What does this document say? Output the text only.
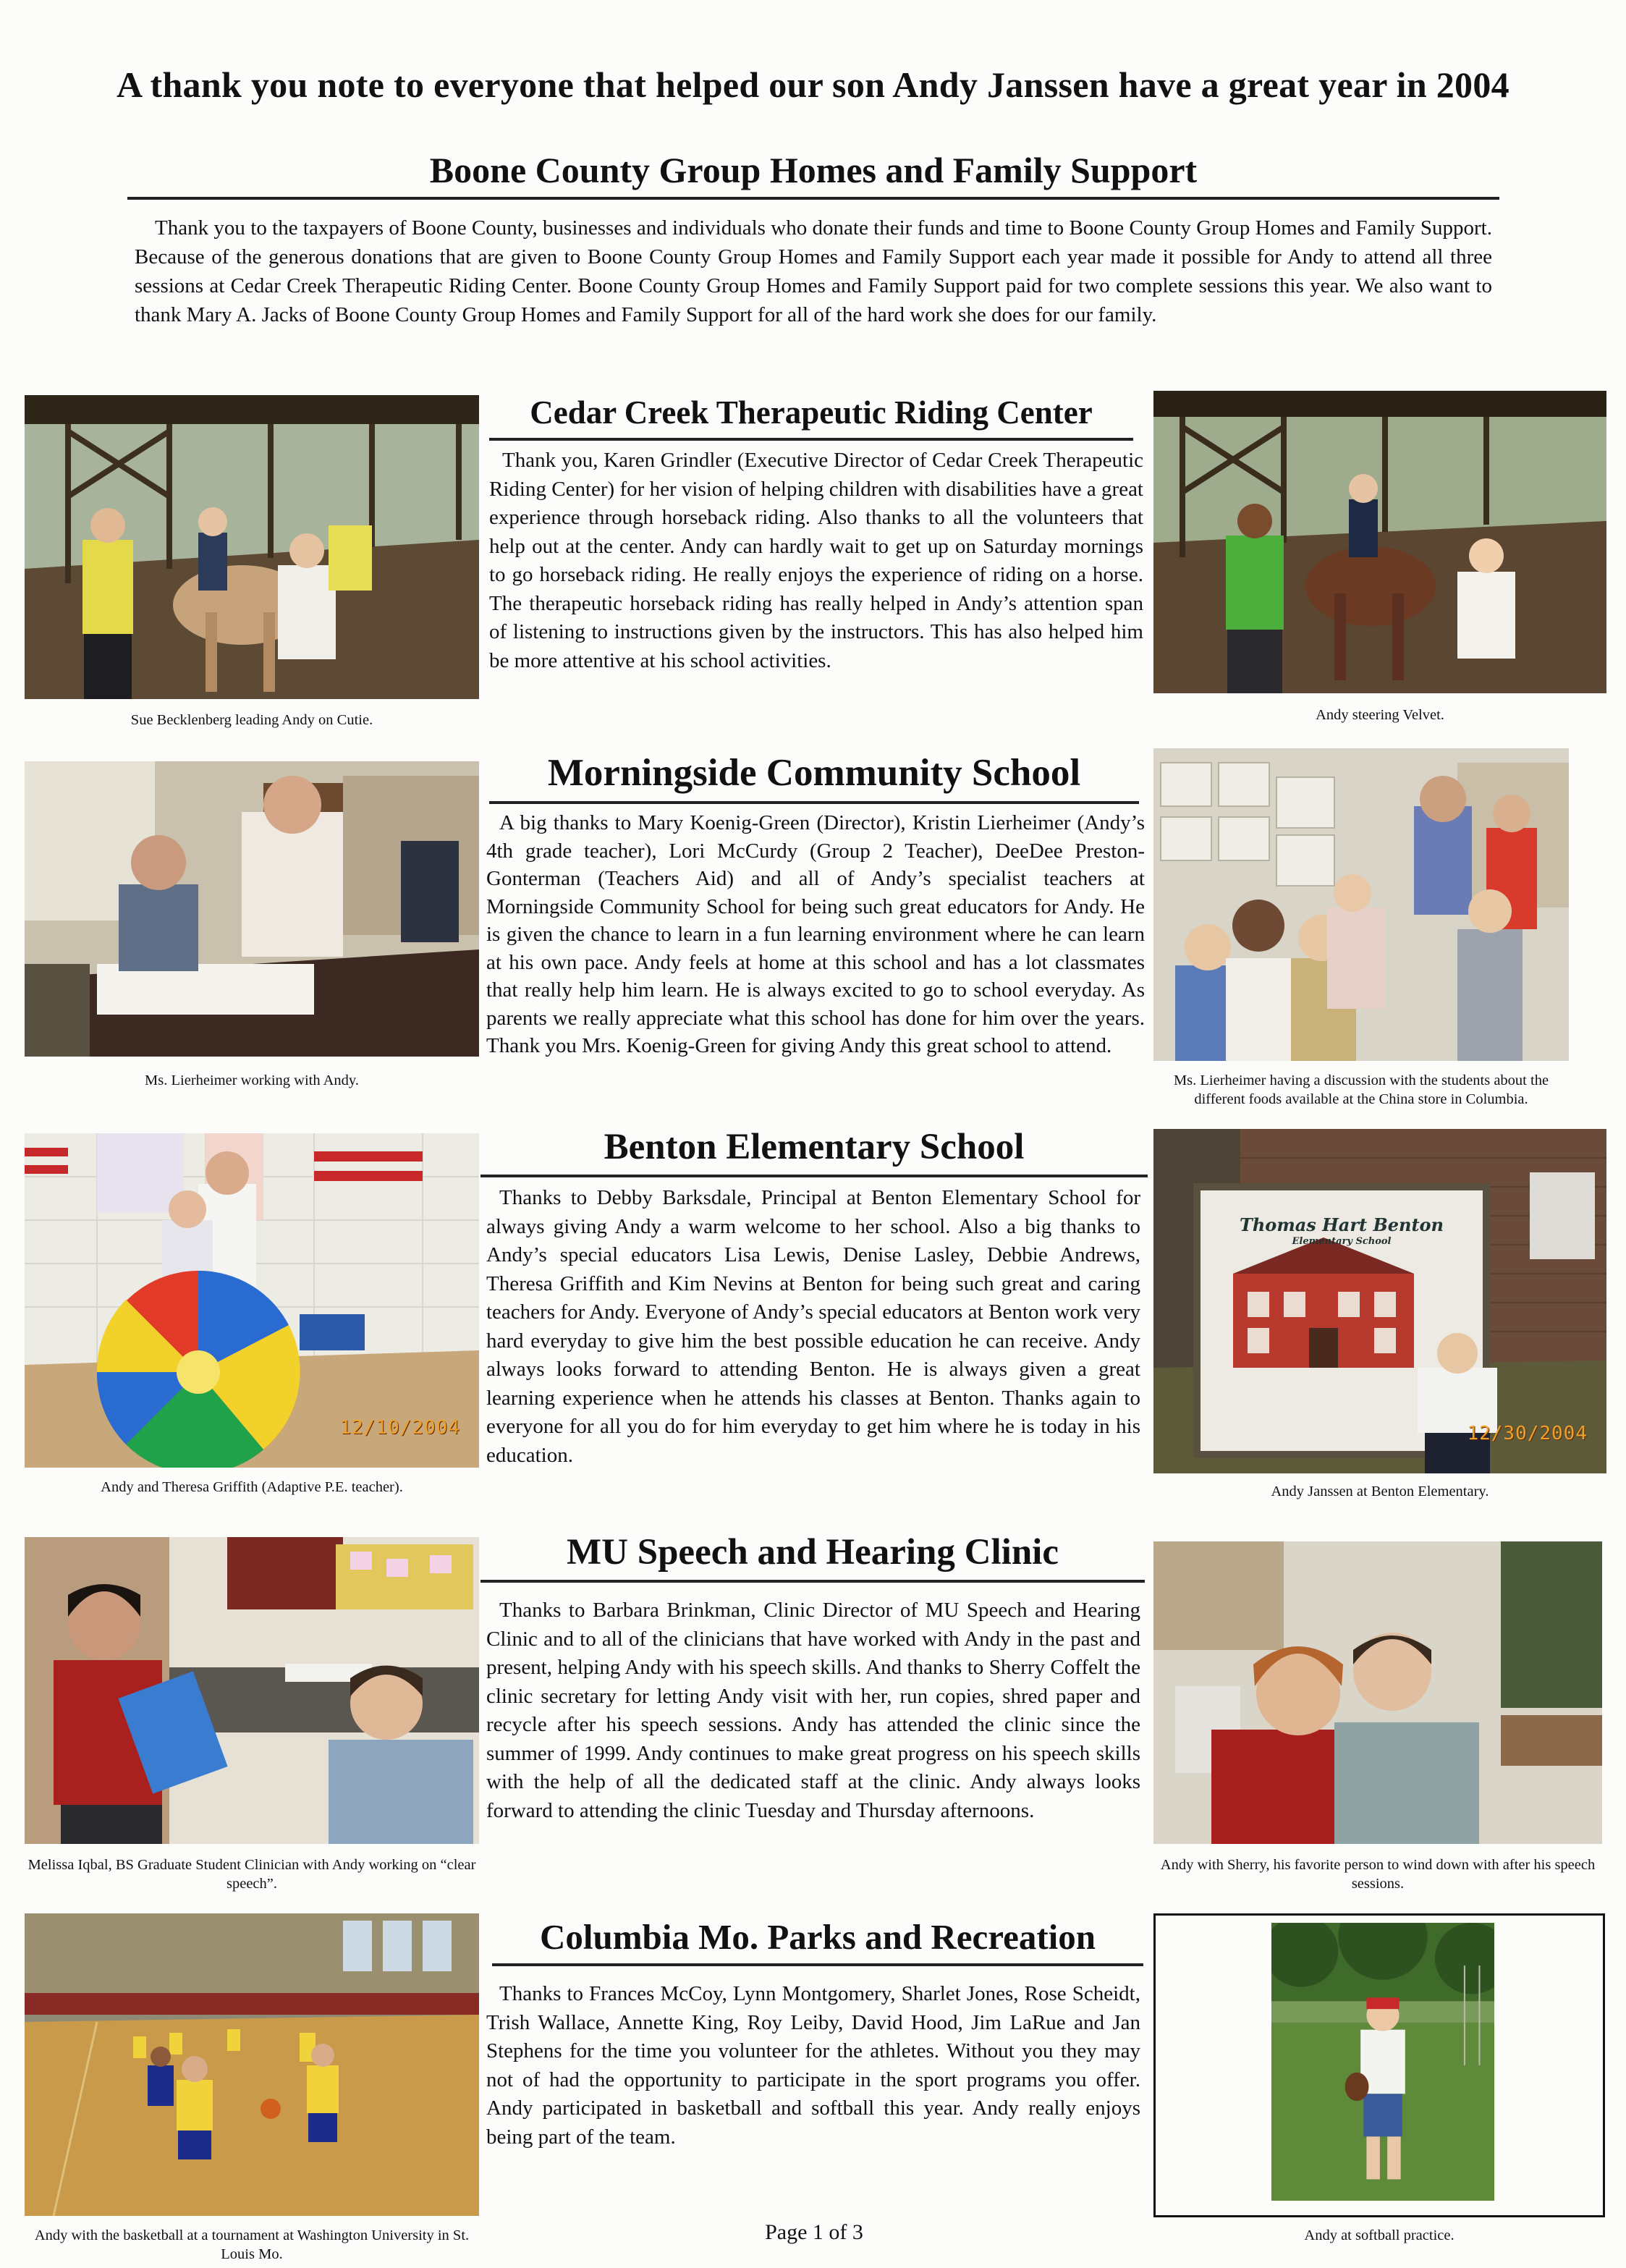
A thank you note to everyone that helped our son Andy Janssen have a great year in 2004
Boone County Group Homes and Family Support

Thank you to the taxpayers of Boone County, businesses and individuals who donate their funds and time to Boone County Group Homes and Family Support. Because of the generous donations that are given to Boone County Group Homes and Family Support each year made it possible for Andy to attend all three sessions at Cedar Creek Therapeutic Riding Center. Boone County Group Homes and Family Support paid for two complete sessions this year. We also want to thank Mary A. Jacks of Boone County Group Homes and Family Support for all of the hard work she does for our family.

Sue Becklenberg leading Andy on Cutie.

Cedar Creek Therapeutic Riding Center

Thank you, Karen Grindler (Executive Director of Cedar Creek Therapeutic Riding Center) for her vision of helping children with disabilities have a great experience through horseback riding. Also thanks to all the volunteers that help out at the center. Andy can hardly wait to get up on Saturday mornings to go horseback riding. He really enjoys the experience of riding on a horse. The therapeutic horseback riding has really helped in Andy’s attention span of listening to instructions given by the instructors. This has also helped him be more attentive at his school activities.

Andy steering Velvet.

Ms. Lierheimer working with Andy.

Morningside Community School

A big thanks to Mary Koenig-Green (Director), Kristin Lierheimer (Andy’s 4th grade teacher), Lori McCurdy (Group 2 Teacher), DeeDee Preston-Gonterman (Teachers Aid) and all of Andy’s specialist teachers at Morningside Community School for being such great educators for Andy. He is given the chance to learn in a fun learning environment where he can learn at his own pace. Andy feels at home at this school and has a lot classmates that really help him learn. He is always excited to go to school everyday. As parents we really appreciate what this school has done for him over the years. Thank you Mrs. Koenig-Green for giving Andy this great school to attend.

Ms. Lierheimer having a discussion with the students about the different foods available at the China store in Columbia.

12/10/2004

Andy and Theresa Griffith (Adaptive P.E. teacher).

Benton Elementary School

Thanks to Debby Barksdale, Principal at Benton Elementary School for always giving Andy a warm welcome to her school. Also a big thanks to Andy’s special educators Lisa Lewis, Denise Lasley, Debbie Andrews, Theresa Griffith and Kim Nevins at Benton for being such great and caring teachers for Andy. Everyone of Andy’s special educators at Benton work very hard everyday to give him the best possible education he can receive. Andy always looks forward to attending Benton. He is always given a great learning experience when he attends his classes at Benton. Thanks again to everyone for all you do for him everyday to get him where he is today in his education.

Thomas Hart Benton
Elementary School
12/30/2004

Andy Janssen at Benton Elementary.

Melissa Iqbal, BS Graduate Student Clinician with Andy working on “clear speech”.

MU Speech and Hearing Clinic

Thanks to Barbara Brinkman, Clinic Director of MU Speech and Hearing Clinic and to all of the clinicians that have worked with Andy in the past and present, helping Andy with his speech skills. And thanks to Sherry Coffelt the clinic secretary for letting Andy visit with her, run copies, shred paper and recycle after his speech sessions. Andy has attended the clinic since the summer of 1999. Andy continues to make great progress on his speech skills with the help of all the dedicated staff at the clinic. Andy always looks forward to attending the clinic Tuesday and Thursday afternoons.

Andy with Sherry, his favorite person to wind down with after his speech sessions.

Andy with the basketball at a tournament at Washington University in St. Louis Mo.

Columbia Mo. Parks and Recreation

Thanks to Frances McCoy, Lynn Montgomery, Sharlet Jones, Rose Scheidt, Trish Wallace, Annette King, Roy Leiby, David Hood, Jim LaRue and Jan Stephens for the time you volunteer for the athletes. Without you they may not of had the opportunity to participate in the sport programs you offer. Andy participated in basketball and softball this year. Andy really enjoys being part of the team.

Andy at softball practice.

Page 1 of 3
